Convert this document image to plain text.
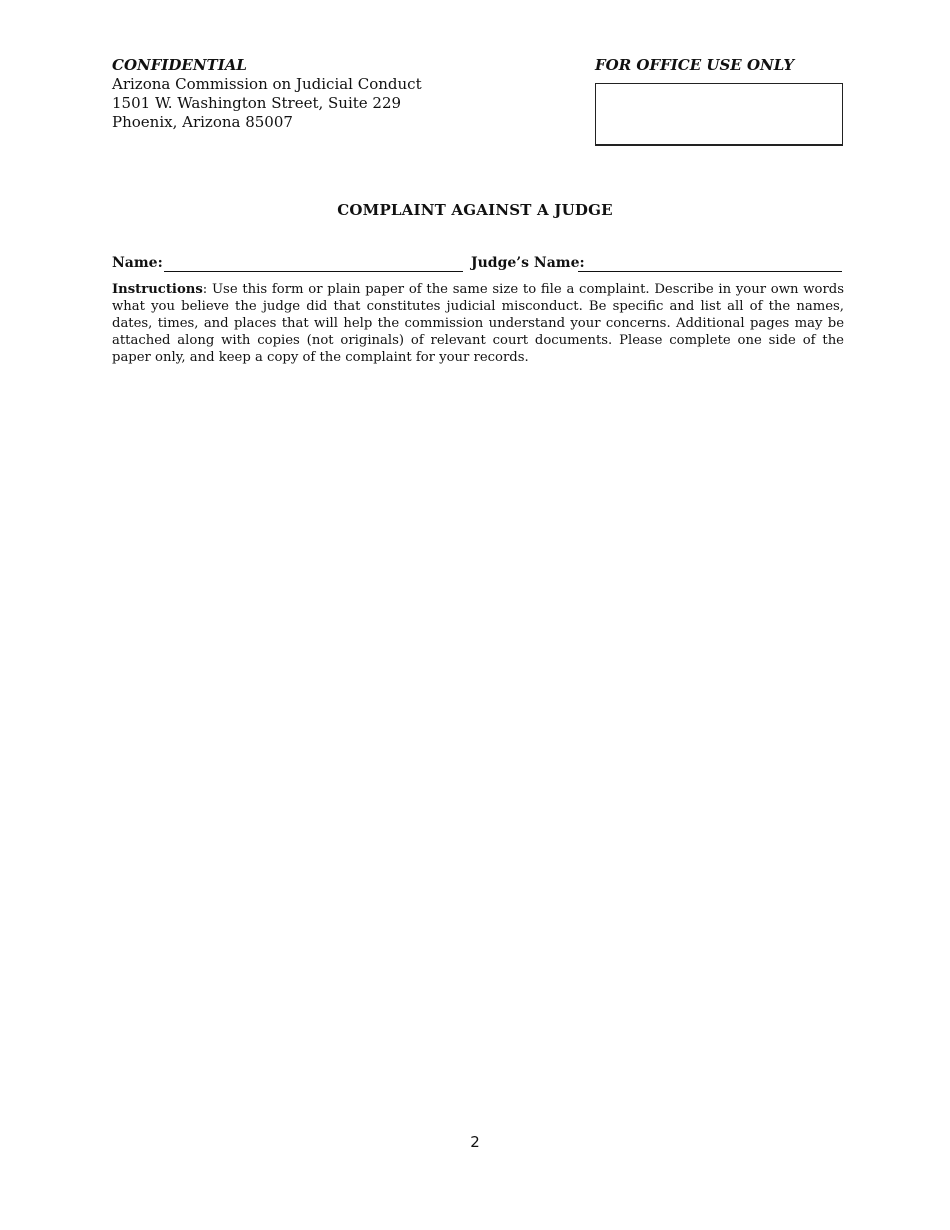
CONFIDENTIAL
Arizona Commission on Judicial Conduct
1501 W. Washington Street, Suite 229
Phoenix, Arizona 85007
FOR OFFICE USE ONLY
COMPLAINT AGAINST A JUDGE
Name:	Judge’s Name:
Instructions: Use this form or plain paper of the same size to file a complaint. Describe in your own words what you believe the judge did that constitutes judicial misconduct. Be specific and list all of the names, dates, times, and places that will help the commission understand your concerns. Additional pages may be attached along with copies (not originals) of relevant court documents. Please complete one side of the paper only, and keep a copy of the complaint for your records.
2
